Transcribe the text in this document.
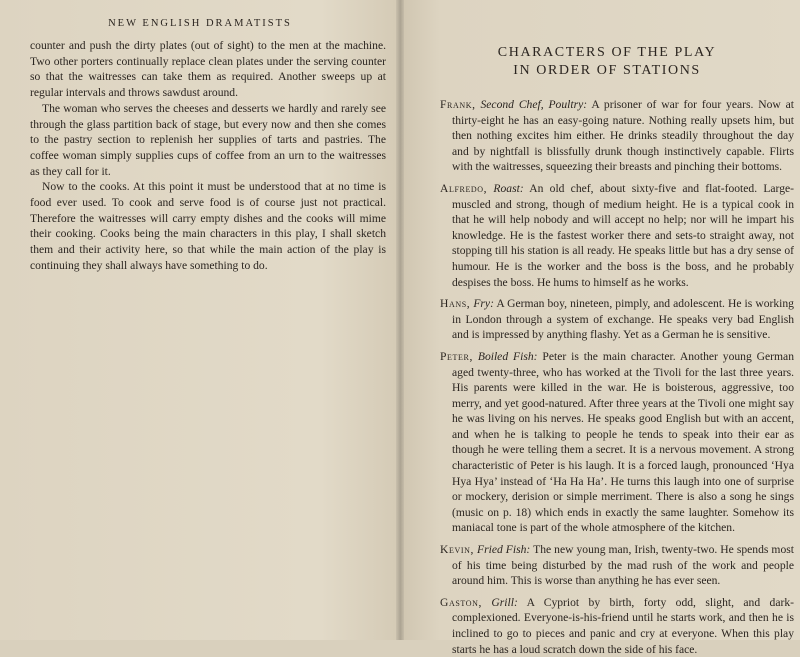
NEW ENGLISH DRAMATISTS

counter and push the dirty plates (out of sight) to the men at the machine. Two other porters continually replace clean plates under the serving counter so that the waitresses can take them as required. Another sweeps up at regular intervals and throws sawdust around.

The woman who serves the cheeses and desserts we hardly and rarely see through the glass partition back of stage, but every now and then she comes to the pastry section to replenish her supplies of tarts and pastries. The coffee woman simply supplies cups of coffee from an urn to the waitresses as they call for it.

Now to the cooks. At this point it must be understood that at no time is food ever used. To cook and serve food is of course just not practical. Therefore the waitresses will carry empty dishes and the cooks will mime their cooking. Cooks being the main characters in this play, I shall sketch them and their activity here, so that while the main action of the play is continuing they shall always have something to do.

CHARACTERS OF THE PLAY
IN ORDER OF STATIONS

Frank, Second Chef, Poultry: A prisoner of war for four years. Now at thirty-eight he has an easy-going nature. Nothing really upsets him, but then nothing excites him either. He drinks steadily throughout the day and by nightfall is blissfully drunk though instinctively capable. Flirts with the waitresses, squeezing their breasts and pinching their bottoms.

Alfredo, Roast: An old chef, about sixty-five and flat-footed. Large-muscled and strong, though of medium height. He is a typical cook in that he will help nobody and will accept no help; nor will he impart his knowledge. He is the fastest worker there and sets-to straight away, not stopping till his station is all ready. He speaks little but has a dry sense of humour. He is the worker and the boss is the boss, and he probably despises the boss. He hums to himself as he works.

Hans, Fry: A German boy, nineteen, pimply, and adolescent. He is working in London through a system of exchange. He speaks very bad English and is impressed by anything flashy. Yet as a German he is sensitive.

Peter, Boiled Fish: Peter is the main character. Another young German aged twenty-three, who has worked at the Tivoli for the last three years. His parents were killed in the war. He is boisterous, aggressive, too merry, and yet good-natured. After three years at the Tivoli one might say he was living on his nerves. He speaks good English but with an accent, and when he is talking to people he tends to speak into their ear as though he were telling them a secret. It is a nervous movement. A strong characteristic of Peter is his laugh. It is a forced laugh, pronounced ‘Hya Hya Hya’ instead of ‘Ha Ha Ha’. He turns this laugh into one of surprise or mockery, derision or simple merriment. There is also a song he sings (music on p. 18) which ends in exactly the same laughter. Somehow its maniacal tone is part of the whole atmosphere of the kitchen.

Kevin, Fried Fish: The new young man, Irish, twenty-two. He spends most of his time being disturbed by the mad rush of the work and people around him. This is worse than anything he has ever seen.

Gaston, Grill: A Cypriot by birth, forty odd, slight, and dark-complexioned. Everyone-is-his-friend until he starts work, and then he is inclined to go to pieces and panic and cry at everyone. When this play starts he has a loud scratch down the side of his face.
